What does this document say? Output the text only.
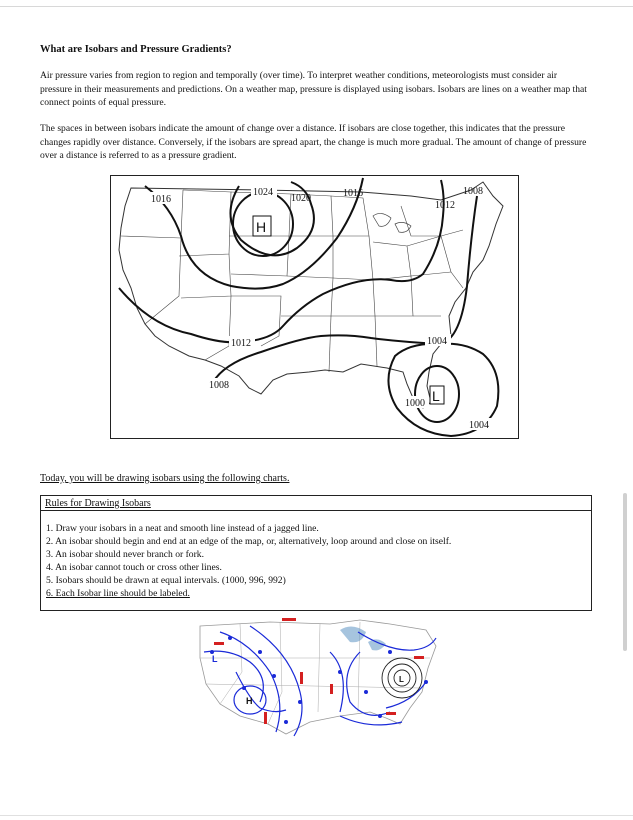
What are Isobars and Pressure Gradients?
Air pressure varies from region to region and temporally (over time). To interpret weather conditions, meteorologists must consider air pressure in their measurements and predictions. On a weather map, pressure is displayed using isobars. Isobars are lines on a weather map that connect points of equal pressure.
The spaces in between isobars indicate the amount of change over a distance. If isobars are close together, this indicates that the pressure changes rapidly over distance. Conversely, if the isobars are spread apart, the change is much more gradual. The amount of change of pressure over a distance is referred to as a pressure gradient.
H
L
1016
1024
1020	1016
1012
1008
1012	1004
1008
1000
1004
Today, you will be drawing isobars using the following charts.
Rules for Drawing Isobars
1. Draw your isobars in a neat and smooth line instead of a jagged line.
2. An isobar should begin and end at an edge of the map, or, alternatively, loop around and close on itself.
3. An isobar should never branch or fork.
4. An isobar cannot touch or cross other lines.
5. Isobars should be drawn at equal intervals. (1000, 996, 992)
6. Each Isobar line should be labeled.
L
H
L
